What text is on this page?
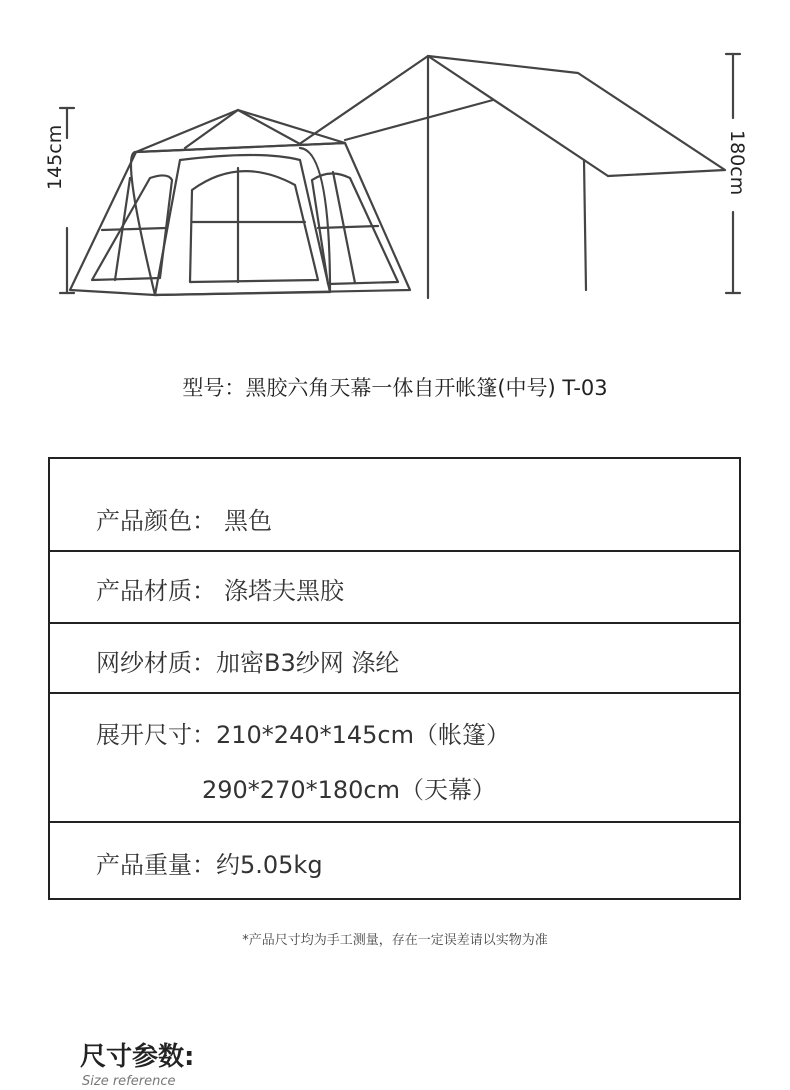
145cm	180cm
型号：黑胶六角天幕一体自开帐篷(中号) T-03
产品颜色： 黑色
产品材质： 涤塔夫黑胶
网纱材质：加密B3纱网 涤纶
展开尺寸：210*240*145cm（帐篷）
290*270*180cm（天幕）
产品重量：约5.05kg
*产品尺寸均为手工测量，存在一定误差请以实物为准
尺寸参数:
Size reference
